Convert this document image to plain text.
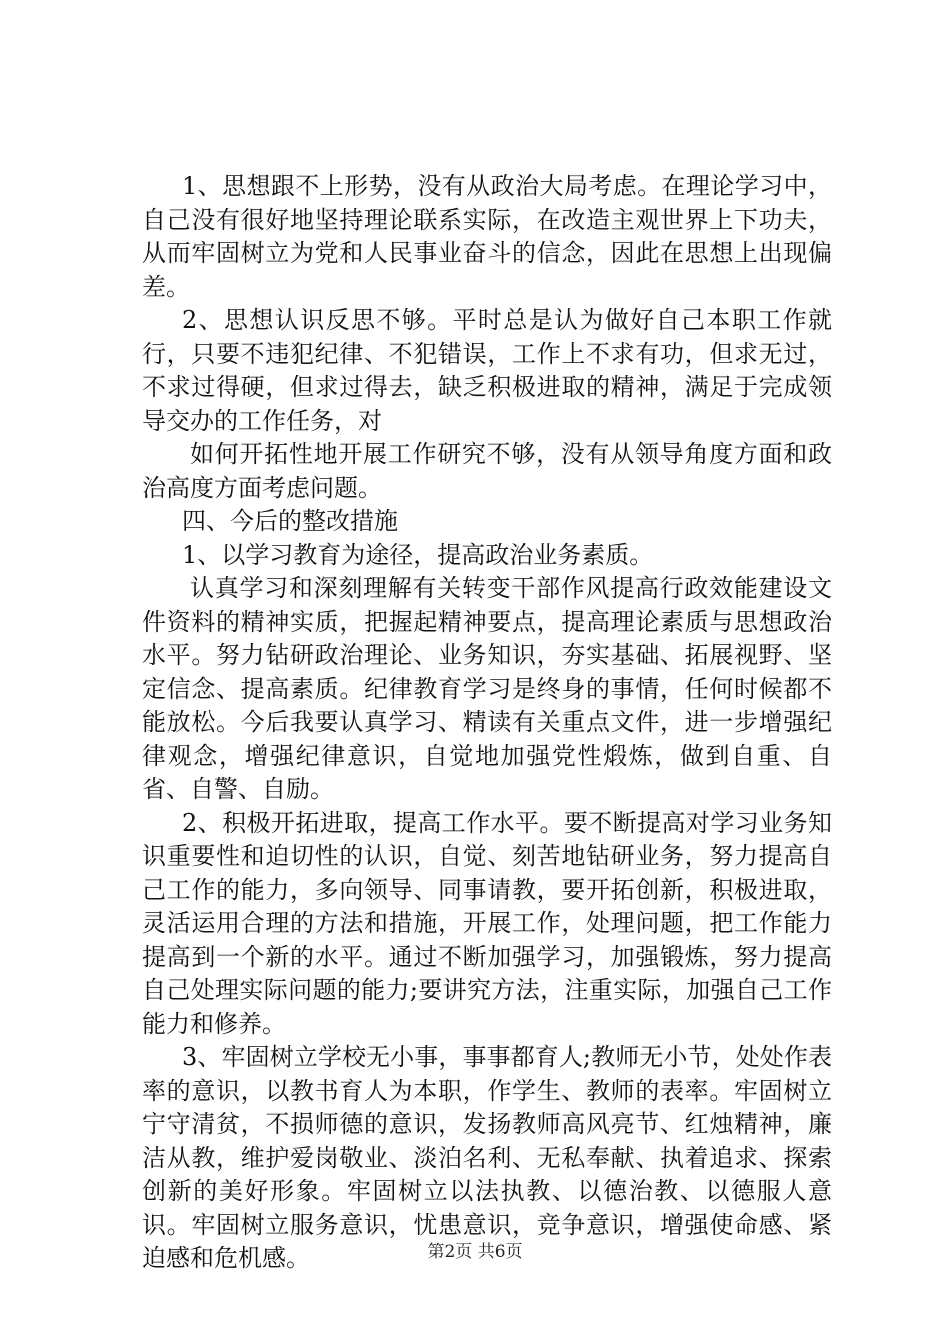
1、思想跟不上形势，没有从政治大局考虑。在理论学习中，自己没有很好地坚持理论联系实际，在改造主观世界上下功夫，从而牢固树立为党和人民事业奋斗的信念，因此在思想上出现偏差。

2、思想认识反思不够。平时总是认为做好自己本职工作就行，只要不违犯纪律、不犯错误，工作上不求有功，但求无过，不求过得硬，但求过得去，缺乏积极进取的精神，满足于完成领导交办的工作任务，对

如何开拓性地开展工作研究不够，没有从领导角度方面和政治高度方面考虑问题。

四、今后的整改措施

1、以学习教育为途径，提高政治业务素质。

认真学习和深刻理解有关转变干部作风提高行政效能建设文件资料的精神实质，把握起精神要点，提高理论素质与思想政治水平。努力钻研政治理论、业务知识，夯实基础、拓展视野、坚定信念、提高素质。纪律教育学习是终身的事情，任何时候都不能放松。今后我要认真学习、精读有关重点文件，进一步增强纪律观念，增强纪律意识，自觉地加强党性煅炼，做到自重、自省、自警、自励。

2、积极开拓进取，提高工作水平。要不断提高对学习业务知识重要性和迫切性的认识，自觉、刻苦地钻研业务，努力提高自己工作的能力，多向领导、同事请教，要开拓创新，积极进取，灵活运用合理的方法和措施，开展工作，处理问题，把工作能力提高到一个新的水平。通过不断加强学习，加强锻炼，努力提高自己处理实际问题的能力;要讲究方法，注重实际，加强自己工作能力和修养。

3、牢固树立学校无小事，事事都育人;教师无小节，处处作表率的意识，以教书育人为本职，作学生、教师的表率。牢固树立宁守清贫，不损师德的意识，发扬教师高风亮节、红烛精神，廉洁从教，维护爱岗敬业、淡泊名利、无私奉献、执着追求、探索创新的美好形象。牢固树立以法执教、以德治教、以德服人意识。牢固树立服务意识，忧患意识，竞争意识，增强使命感、紧迫感和危机感。	第2页 共6页
